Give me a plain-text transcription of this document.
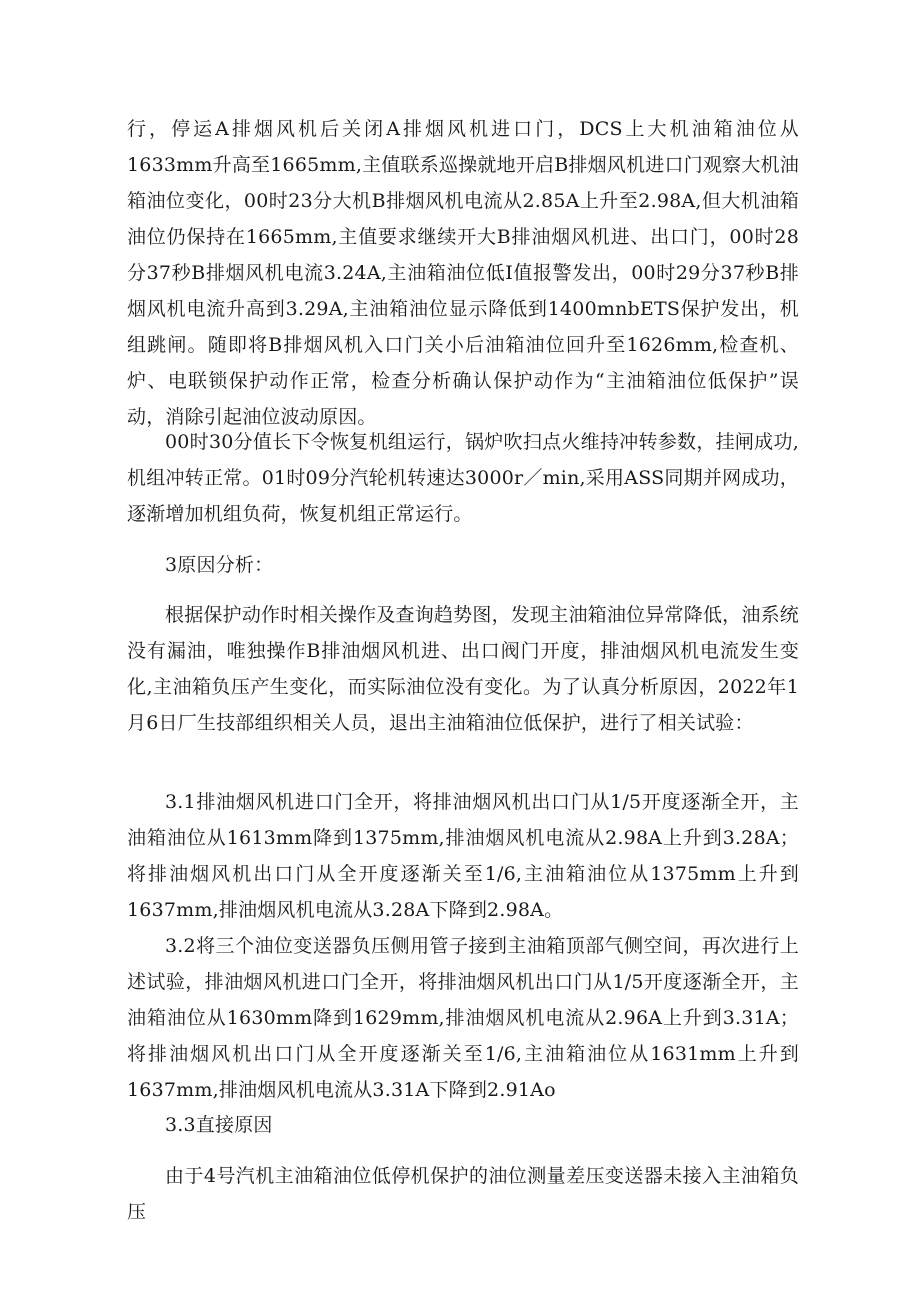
行，停运A排烟风机后关闭A排烟风机进口门，DCS上大机油箱油位从1633mm升高至1665mm,主值联系巡操就地开启B排烟风机进口门观察大机油箱油位变化，00时23分大机B排烟风机电流从2.85A上升至2.98A,但大机油箱油位仍保持在1665mm,主值要求继续开大B排油烟风机进、出口门，00时28分37秒B排烟风机电流3.24A,主油箱油位低I值报警发出，00时29分37秒B排烟风机电流升高到3.29A,主油箱油位显示降低到1400mnbETS保护发出，机组跳闸。随即将B排烟风机入口门关小后油箱油位回升至1626mm,检查机、炉、电联锁保护动作正常，检查分析确认保护动作为“主油箱油位低保护”误动，消除引起油位波动原因。

00时30分值长下令恢复机组运行，锅炉吹扫点火维持冲转参数，挂闸成功,机组冲转正常。01时09分汽轮机转速达3000r／min,采用ASS同期并网成功，逐渐增加机组负荷，恢复机组正常运行。

3原因分析：

根据保护动作时相关操作及查询趋势图，发现主油箱油位异常降低，油系统没有漏油，唯独操作B排油烟风机进、出口阀门开度，排油烟风机电流发生变化,主油箱负压产生变化，而实际油位没有变化。为了认真分析原因，2022年1月6日厂生技部组织相关人员，退出主油箱油位低保护，进行了相关试验：

3.1排油烟风机进口门全开，将排油烟风机出口门从1/5开度逐渐全开，主油箱油位从1613mm降到1375mm,排油烟风机电流从2.98A上升到3.28A；将排油烟风机出口门从全开度逐渐关至1/6,主油箱油位从1375mm上升到1637mm,排油烟风机电流从3.28A下降到2.98A。

3.2将三个油位变送器负压侧用管子接到主油箱顶部气侧空间，再次进行上述试验，排油烟风机进口门全开，将排油烟风机出口门从1/5开度逐渐全开，主油箱油位从1630mm降到1629mm,排油烟风机电流从2.96A上升到3.31A；将排油烟风机出口门从全开度逐渐关至1/6,主油箱油位从1631mm上升到1637mm,排油烟风机电流从3.31A下降到2.91Ao

3.3直接原因

由于4号汽机主油箱油位低停机保护的油位测量差压变送器未接入主油箱负压
